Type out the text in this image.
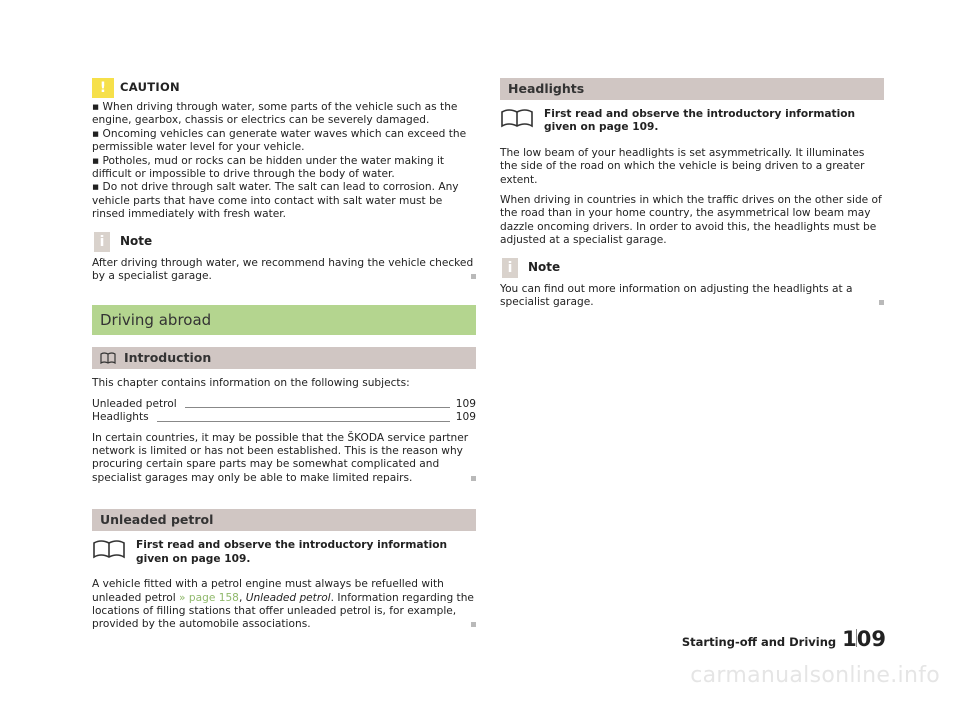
!	CAUTION
▪ When driving through water, some parts of the vehicle such as the engine, gearbox, chassis or electrics can be severely damaged.
▪ Oncoming vehicles can generate water waves which can exceed the permissible water level for your vehicle.
▪ Potholes, mud or rocks can be hidden under the water making it difficult or impossible to drive through the body of water.
▪ Do not drive through salt water. The salt can lead to corrosion. Any vehicle parts that have come into contact with salt water must be rinsed immediately with fresh water.
i	Note

After driving through water, we recommend having the vehicle checked by a specialist garage.

Driving abroad
Introduction

This chapter contains information on the following subjects:

Unleaded petrol	109
Headlights	109

In certain countries, it may be possible that the ŠKODA service partner network is limited or has not been established. This is the reason why procuring certain spare parts may be somewhat complicated and specialist garages may only be able to make limited repairs.

Unleaded petrol
First read and observe the introductory information given on page 109.

A vehicle fitted with a petrol engine must always be refuelled with unleaded petrol » page 158, Unleaded petrol. Information regarding the locations of filling stations that offer unleaded petrol is, for example, provided by the automobile associations.

Headlights
First read and observe the introductory information given on page 109.

The low beam of your headlights is set asymmetrically. It illuminates the side of the road on which the vehicle is being driven to a greater extent.

When driving in countries in which the traffic drives on the other side of the road than in your home country, the asymmetrical low beam may dazzle oncoming drivers. In order to avoid this, the headlights must be adjusted at a specialist garage.

i	Note

You can find out more information on adjusting the headlights at a specialist garage.

Starting-off and Driving 109
carmanualsonline.info
